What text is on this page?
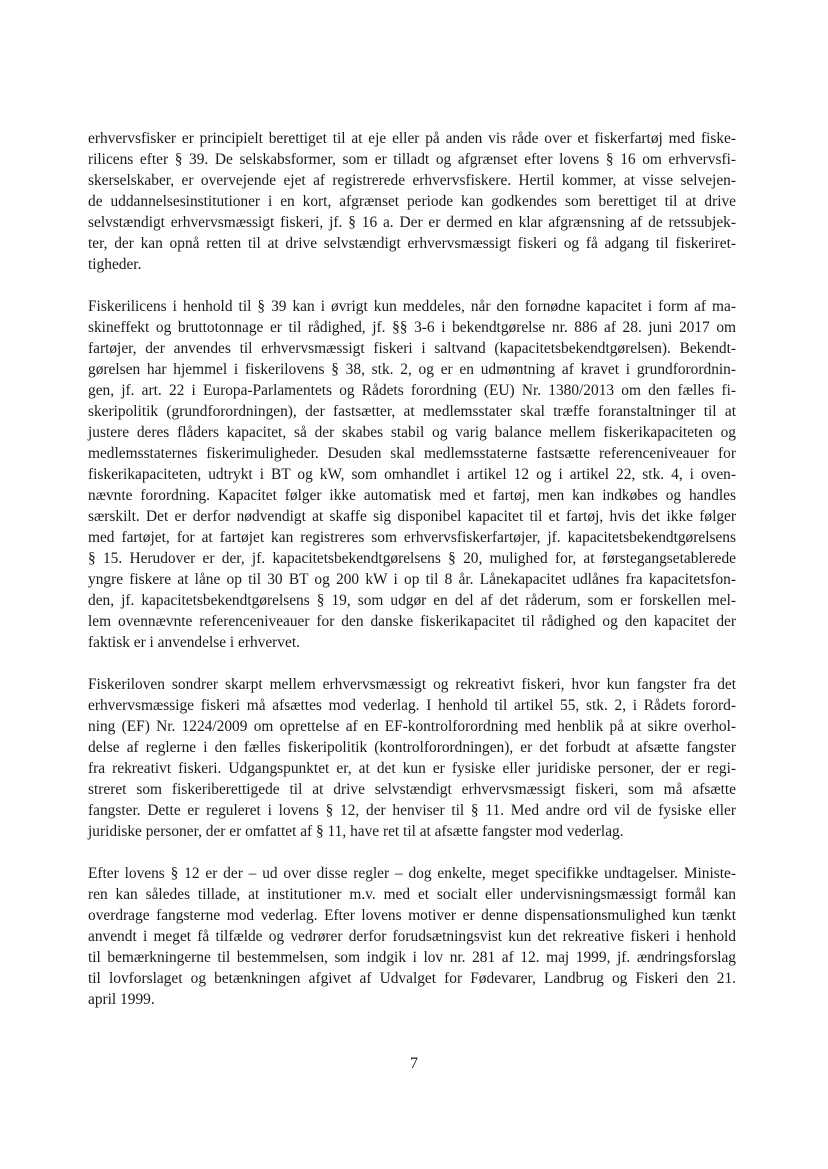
erhvervsfisker er principielt berettiget til at eje eller på anden vis råde over et fiskerfartøj med fiske-
rilicens efter § 39. De selskabsformer, som er tilladt og afgrænset efter lovens § 16 om erhvervsfi-
skerselskaber, er overvejende ejet af registrerede erhvervsfiskere. Hertil kommer, at visse selvejen-
de uddannelsesinstitutioner i en kort, afgrænset periode kan godkendes som berettiget til at drive
selvstændigt erhvervsmæssigt fiskeri, jf. § 16 a. Der er dermed en klar afgrænsning af de retssubjek-
ter, der kan opnå retten til at drive selvstændigt erhvervsmæssigt fiskeri og få adgang til fiskeriret-
tigheder.
Fiskerilicens i henhold til § 39 kan i øvrigt kun meddeles, når den fornødne kapacitet i form af ma-
skineffekt og bruttotonnage er til rådighed, jf. §§ 3-6 i bekendtgørelse nr. 886 af 28. juni 2017 om
fartøjer, der anvendes til erhvervsmæssigt fiskeri i saltvand (kapacitetsbekendtgørelsen). Bekendt-
gørelsen har hjemmel i fiskerilovens § 38, stk. 2, og er en udmøntning af kravet i grundforordnin-
gen, jf. art. 22 i Europa-Parlamentets og Rådets forordning (EU) Nr. 1380/2013 om den fælles fi-
skeripolitik (grundforordningen), der fastsætter, at medlemsstater skal træffe foranstaltninger til at
justere deres flåders kapacitet, så der skabes stabil og varig balance mellem fiskerikapaciteten og
medlemsstaternes fiskerimuligheder. Desuden skal medlemsstaterne fastsætte referenceniveauer for
fiskerikapaciteten, udtrykt i BT og kW, som omhandlet i artikel 12 og i artikel 22, stk. 4, i oven-
nævnte forordning. Kapacitet følger ikke automatisk med et fartøj, men kan indkøbes og handles
særskilt. Det er derfor nødvendigt at skaffe sig disponibel kapacitet til et fartøj, hvis det ikke følger
med fartøjet, for at fartøjet kan registreres som erhvervsfiskerfartøjer, jf. kapacitetsbekendtgørelsens
§ 15. Herudover er der, jf. kapacitetsbekendtgørelsens § 20, mulighed for, at førstegangsetablerede
yngre fiskere at låne op til 30 BT og 200 kW i op til 8 år. Lånekapacitet udlånes fra kapacitetsfon-
den, jf. kapacitetsbekendtgørelsens § 19, som udgør en del af det råderum, som er forskellen mel-
lem ovennævnte referenceniveauer for den danske fiskerikapacitet til rådighed og den kapacitet der
faktisk er i anvendelse i erhvervet.
Fiskeriloven sondrer skarpt mellem erhvervsmæssigt og rekreativt fiskeri, hvor kun fangster fra det
erhvervsmæssige fiskeri må afsættes mod vederlag. I henhold til artikel 55, stk. 2, i Rådets forord-
ning (EF) Nr. 1224/2009 om oprettelse af en EF-kontrolforordning med henblik på at sikre overhol-
delse af reglerne i den fælles fiskeripolitik (kontrolforordningen), er det forbudt at afsætte fangster
fra rekreativt fiskeri. Udgangspunktet er, at det kun er fysiske eller juridiske personer, der er regi-
streret som fiskeriberettigede til at drive selvstændigt erhvervsmæssigt fiskeri, som må afsætte
fangster. Dette er reguleret i lovens § 12, der henviser til § 11. Med andre ord vil de fysiske eller
juridiske personer, der er omfattet af § 11, have ret til at afsætte fangster mod vederlag.
Efter lovens § 12 er der – ud over disse regler – dog enkelte, meget specifikke undtagelser. Ministe-
ren kan således tillade, at institutioner m.v. med et socialt eller undervisningsmæssigt formål kan
overdrage fangsterne mod vederlag. Efter lovens motiver er denne dispensationsmulighed kun tænkt
anvendt i meget få tilfælde og vedrører derfor forudsætningsvist kun det rekreative fiskeri i henhold
til bemærkningerne til bestemmelsen, som indgik i lov nr. 281 af 12. maj 1999, jf. ændringsforslag
til lovforslaget og betænkningen afgivet af Udvalget for Fødevarer, Landbrug og Fiskeri den 21.
april 1999.
7
